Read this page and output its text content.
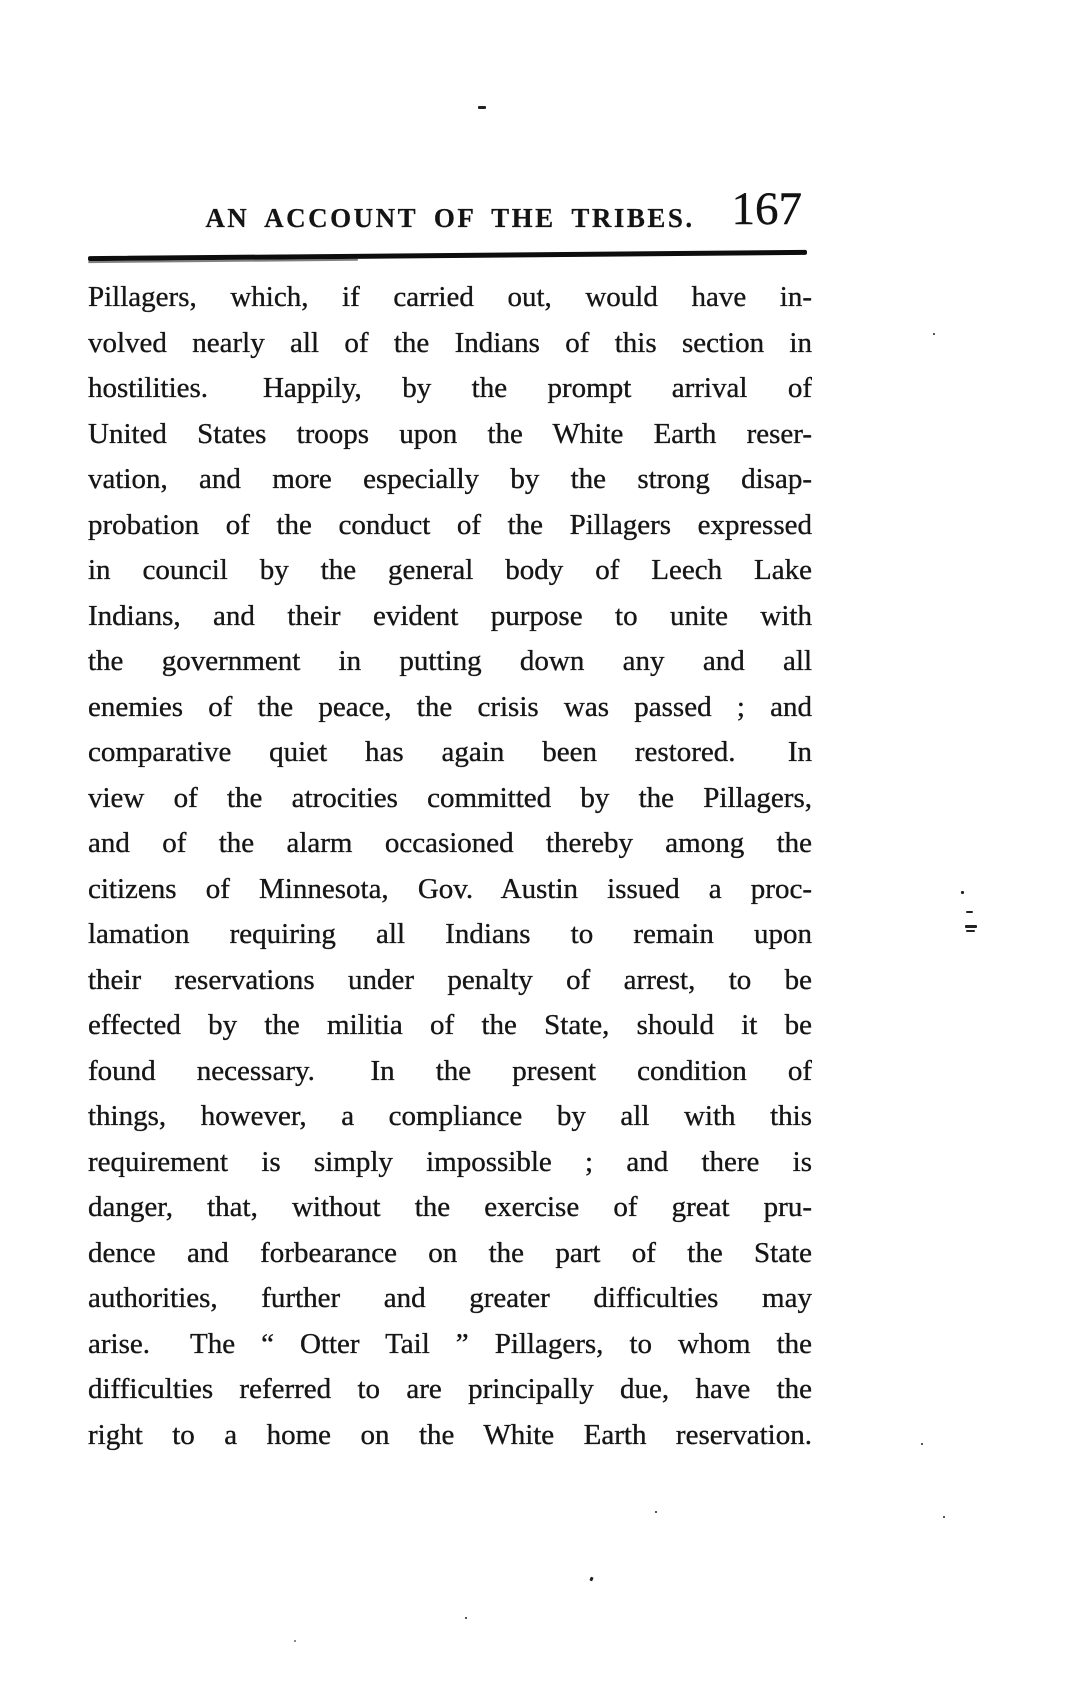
AN ACCOUNT OF THE TRIBES. 167
Pillagers, which, if carried out, would have in-
volved nearly all of the Indians of this section in
hostilities.  Happily, by the prompt arrival of
United States troops upon the White Earth reser-
vation, and more especially by the strong disap-
probation of the conduct of the Pillagers expressed
in council by the general body of Leech Lake
Indians, and their evident purpose to unite with
the government in putting down any and all
enemies of the peace, the crisis was passed ; and
comparative quiet has again been restored.  In
view of the atrocities committed by the Pillagers,
and of the alarm occasioned thereby among the
citizens of Minnesota, Gov. Austin issued a proc-
lamation requiring all Indians to remain upon
their reservations under penalty of arrest, to be
effected by the militia of the State, should it be
found necessary.  In the present condition of
things, however, a compliance by all with this
requirement is simply impossible ; and there is
danger, that, without the exercise of great pru-
dence and forbearance on the part of the State
authorities, further and greater difficulties may
arise.  The “ Otter Tail ” Pillagers, to whom the
difficulties referred to are principally due, have the
right to a home on the White Earth reservation.
